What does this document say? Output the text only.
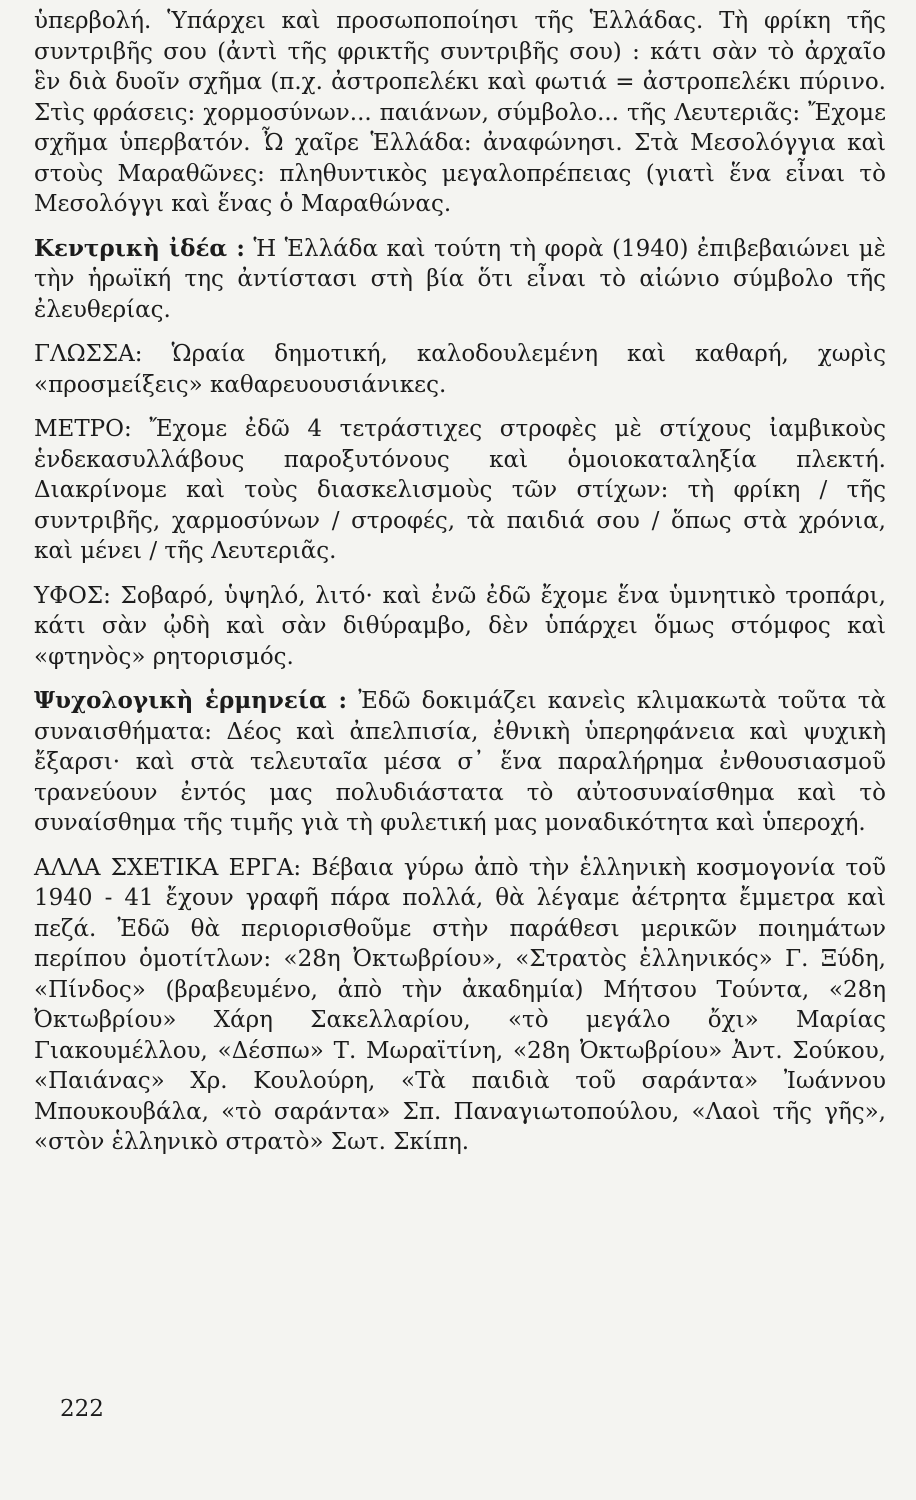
ὑπερβολή. Ὑπάρχει καὶ προσωποποίησι τῆς Ἑλλάδας. Τὴ φρίκη τῆς συντριβῆς σου (ἀντὶ τῆς φρικτῆς συντριβῆς σου) : κάτι σὰν τὸ ἀρχαῖο ἓν διὰ δυοῖν σχῆμα (π.χ. ἀστροπελέκι καὶ φωτιά = ἀστροπελέκι πύρινο. Στὶς φράσεις: χορμοσύνων... παιάνων, σύμβολο... τῆς Λευτεριᾶς: Ἔχομε σχῆμα ὑπερβατόν. Ὦ χαῖρε Ἑλλάδα: ἀναφώνησι. Στὰ Μεσολόγγια καὶ στοὺς Μαραθῶνες: πληθυντικὸς μεγαλοπρέπειας (γιατὶ ἕνα εἶναι τὸ Μεσολόγγι καὶ ἕνας ὁ Μαραθώνας.

Κεντρικὴ ἰδέα : Ἡ Ἑλλάδα καὶ τούτη τὴ φορὰ (1940) ἐπιβεβαιώνει μὲ τὴν ἡρωϊκή της ἀντίστασι στὴ βία ὅτι εἶναι τὸ αἰώνιο σύμβολο τῆς ἐλευθερίας.

ΓΛΩΣΣΑ: Ὡραία δημοτική, καλοδουλεμένη καὶ καθαρή, χωρὶς «προσμείξεις» καθαρευουσιάνικες.

ΜΕΤΡΟ: Ἔχομε ἐδῶ 4 τετράστιχες στροφὲς μὲ στίχους ἰαμβικοὺς ἑνδεκασυλλάβους παροξυτόνους καὶ ὁμοιοκαταληξία πλεκτή. Διακρίνομε καὶ τοὺς διασκελισμοὺς τῶν στίχων: τὴ φρίκη / τῆς συντριβῆς, χαρμοσύνων / στροφές, τὰ παιδιά σου / ὅπως στὰ χρόνια, καὶ μένει / τῆς Λευτεριᾶς.

ΥΦΟΣ: Σοβαρό, ὑψηλό, λιτό· καὶ ἐνῶ ἐδῶ ἔχομε ἕνα ὑμνητικὸ τροπάρι, κάτι σὰν ᾠδὴ καὶ σὰν διθύραμβο, δὲν ὑπάρχει ὅμως στόμφος καὶ «φτηνὸς» ρητορισμός.

Ψυχολογικὴ ἑρμηνεία : Ἐδῶ δοκιμάζει κανεὶς κλιμακωτὰ τοῦτα τὰ συναισθήματα: Δέος καὶ ἀπελπισία, ἐθνικὴ ὑπερηφάνεια καὶ ψυχικὴ ἔξαρσι· καὶ στὰ τελευταῖα μέσα σ᾽ ἕνα παραλήρημα ἐνθουσιασμοῦ τρανεύουν ἐντός μας πολυδιάστατα τὸ αὐτοσυναίσθημα καὶ τὸ συναίσθημα τῆς τιμῆς γιὰ τὴ φυλετική μας μοναδικότητα καὶ ὑπεροχή.

ΑΛΛΑ ΣΧΕΤΙΚΑ ΕΡΓΑ: Βέβαια γύρω ἀπὸ τὴν ἑλληνικὴ κοσμογονία τοῦ 1940 - 41 ἔχουν γραφῆ πάρα πολλά, θὰ λέγαμε ἀέτρητα ἔμμετρα καὶ πεζά. Ἐδῶ θὰ περιορισθοῦμε στὴν παράθεσι μερικῶν ποιημάτων περίπου ὁμοτίτλων: «28η Ὀκτωβρίου», «Στρατὸς ἑλληνικός» Γ. Ξύδη, «Πίνδος» (βραβευμένο, ἀπὸ τὴν ἀκαδημία) Μήτσου Τούντα, «28η Ὀκτωβρίου» Χάρη Σακελλαρίου, «τὸ μεγάλο ὄχι» Μαρίας Γιακουμέλλου, «Δέσπω» Τ. Μωραϊτίνη, «28η Ὀκτωβρίου» Ἀντ. Σούκου, «Παιάνας» Χρ. Κουλούρη, «Τὰ παιδιὰ τοῦ σαράντα» Ἰωάννου Μπουκουβάλα, «τὸ σαράντα» Σπ. Παναγιωτοπούλου, «Λαοὶ τῆς γῆς», «στὸν ἑλληνικὸ στρατὸ» Σωτ. Σκίπη.

222
